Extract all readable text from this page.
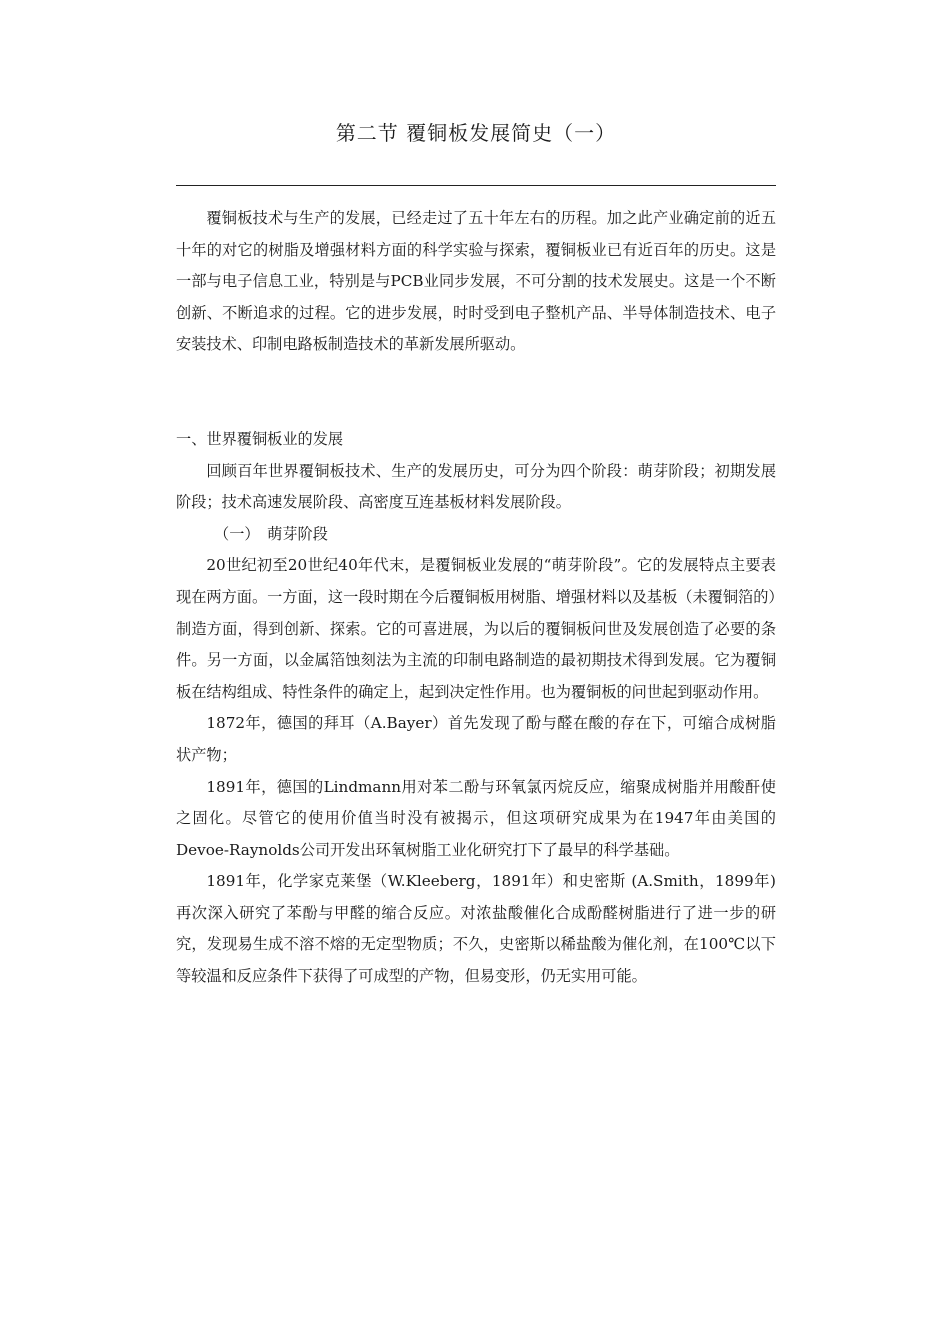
第二节 覆铜板发展简史（一）

覆铜板技术与生产的发展，已经走过了五十年左右的历程。加之此产业确定前的近五十年的对它的树脂及增强材料方面的科学实验与探索，覆铜板业已有近百年的历史。这是一部与电子信息工业，特别是与PCB业同步发展，不可分割的技术发展史。这是一个不断创新、不断追求的过程。它的进步发展，时时受到电子整机产品、半导体制造技术、电子安装技术、印制电路板制造技术的革新发展所驱动。

一、世界覆铜板业的发展

回顾百年世界覆铜板技术、生产的发展历史，可分为四个阶段：萌芽阶段；初期发展阶段；技术高速发展阶段、高密度互连基板材料发展阶段。

（一）　萌芽阶段

20世纪初至20世纪40年代末，是覆铜板业发展的“萌芽阶段”。它的发展特点主要表现在两方面。一方面，这一段时期在今后覆铜板用树脂、增强材料以及基板（未覆铜箔的）制造方面，得到创新、探索。它的可喜进展，为以后的覆铜板问世及发展创造了必要的条件。另一方面，以金属箔蚀刻法为主流的印制电路制造的最初期技术得到发展。它为覆铜板在结构组成、特性条件的确定上，起到决定性作用。也为覆铜板的问世起到驱动作用。

1872年，德国的拜耳（A.Bayer）首先发现了酚与醛在酸的存在下，可缩合成树脂状产物；

1891年，德国的Lindmann用对苯二酚与环氧氯丙烷反应，缩聚成树脂并用酸酐使之固化。尽管它的使用价值当时没有被揭示，但这项研究成果为在1947年由美国的Devoe-Raynolds公司开发出环氧树脂工业化研究打下了最早的科学基础。

1891年，化学家克莱堡（W.Kleeberg，1891年）和史密斯 (A.Smith，1899年)再次深入研究了苯酚与甲醛的缩合反应。对浓盐酸催化合成酚醛树脂进行了进一步的研究，发现易生成不溶不熔的无定型物质；不久，史密斯以稀盐酸为催化剂，在100℃以下等较温和反应条件下获得了可成型的产物，但易变形，仍无实用可能。
